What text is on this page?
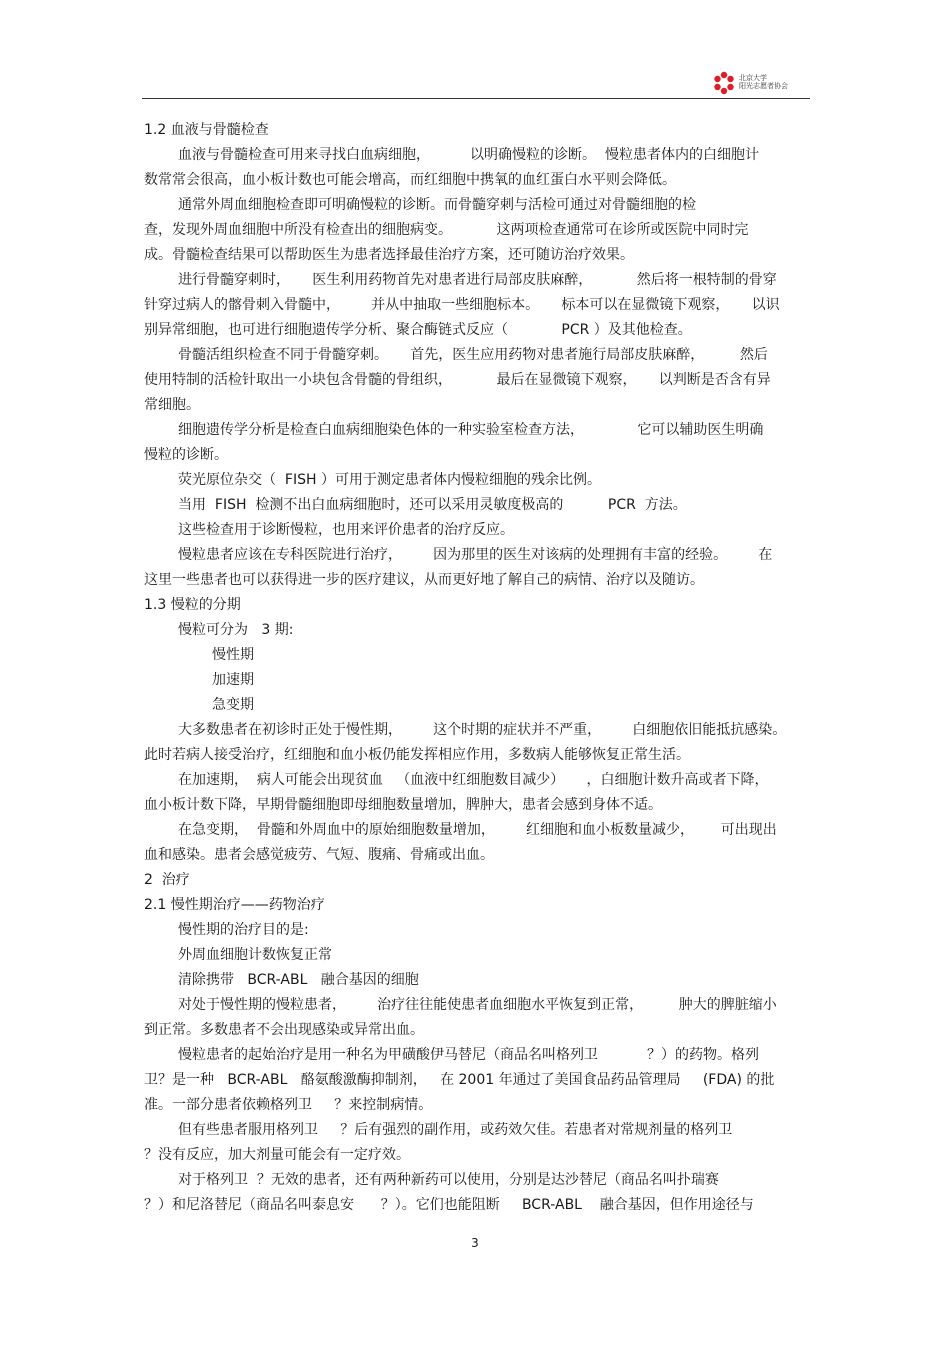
北京大学
阳光志愿者协会
1.2 血液与骨髓检查
血液与骨髓检查可用来寻找白血病细胞，         以明确慢粒的诊断。  慢粒患者体内的白细胞计
数常常会很高，血小板计数也可能会增高，而红细胞中携氧的血红蛋白水平则会降低。
通常外周血细胞检查即可明确慢粒的诊断。而骨髓穿刺与活检可通过对骨髓细胞的检
查，发现外周血细胞中所没有检查出的细胞病变。          这两项检查通常可在诊所或医院中同时完
成。骨髓检查结果可以帮助医生为患者选择最佳治疗方案，还可随访治疗效果。
进行骨髓穿刺时，     医生利用药物首先对患者进行局部皮肤麻醉，          然后将一根特制的骨穿
针穿过病人的髂骨刺入骨髓中，       并从中抽取一些细胞标本。     标本可以在显微镜下观察，     以识
别异常细胞，也可进行细胞遗传学分析、聚合酶链式反应（            PCR ）及其他检查。
骨髓活组织检查不同于骨髓穿刺。     首先，医生应用药物对患者施行局部皮肤麻醉，        然后
使用特制的活检针取出一小块包含骨髓的骨组织，          最后在显微镜下观察，     以判断是否含有异
常细胞。
细胞遗传学分析是检查白血病细胞染色体的一种实验室检查方法，            它可以辅助医生明确
慢粒的诊断。
荧光原位杂交（  FISH ）可用于测定患者体内慢粒细胞的残余比例。
当用  FISH  检测不出白血病细胞时，还可以采用灵敏度极高的          PCR  方法。
这些检查用于诊断慢粒，也用来评价患者的治疗反应。
慢粒患者应该在专科医院进行治疗，       因为那里的医生对该病的处理拥有丰富的经验。       在
这里一些患者也可以获得进一步的医疗建议，从而更好地了解自己的病情、治疗以及随访。
1.3 慢粒的分期
慢粒可分为   3 期:
慢性期
加速期
急变期
大多数患者在初诊时正处于慢性期，       这个时期的症状并不严重，       白细胞依旧能抵抗感染。
此时若病人接受治疗，红细胞和血小板仍能发挥相应作用，多数病人能够恢复正常生活。
在加速期，  病人可能会出现贫血   （血液中红细胞数目减少）     ，白细胞计数升高或者下降，
血小板计数下降，早期骨髓细胞即母细胞数量增加，脾肿大，患者会感到身体不适。
在急变期，  骨髓和外周血中的原始细胞数量增加，       红细胞和血小板数量减少，      可出现出
血和感染。患者会感觉疲劳、气短、腹痛、骨痛或出血。
2  治疗
2.1 慢性期治疗——药物治疗
慢性期的治疗目的是:
外周血细胞计数恢复正常
清除携带   BCR-ABL   融合基因的细胞
对处于慢性期的慢粒患者，       治疗往往能使患者血细胞水平恢复到正常，        肿大的脾脏缩小
到正常。多数患者不会出现感染或异常出血。
慢粒患者的起始治疗是用一种名为甲磺酸伊马替尼（商品名叫格列卫           ？）的药物。格列
卫？是一种   BCR-ABL   酪氨酸激酶抑制剂，   在 2001 年通过了美国食品药品管理局     (FDA) 的批
准。一部分患者依赖格列卫     ？来控制病情。
但有些患者服用格列卫     ？后有强烈的副作用，或药效欠佳。若患者对常规剂量的格列卫
？没有反应，加大剂量可能会有一定疗效。
对于格列卫  ？无效的患者，还有两种新药可以使用，分别是达沙替尼（商品名叫扑瑞赛
？）和尼洛替尼（商品名叫泰息安      ？）。它们也能阻断     BCR-ABL    融合基因，但作用途径与
3
